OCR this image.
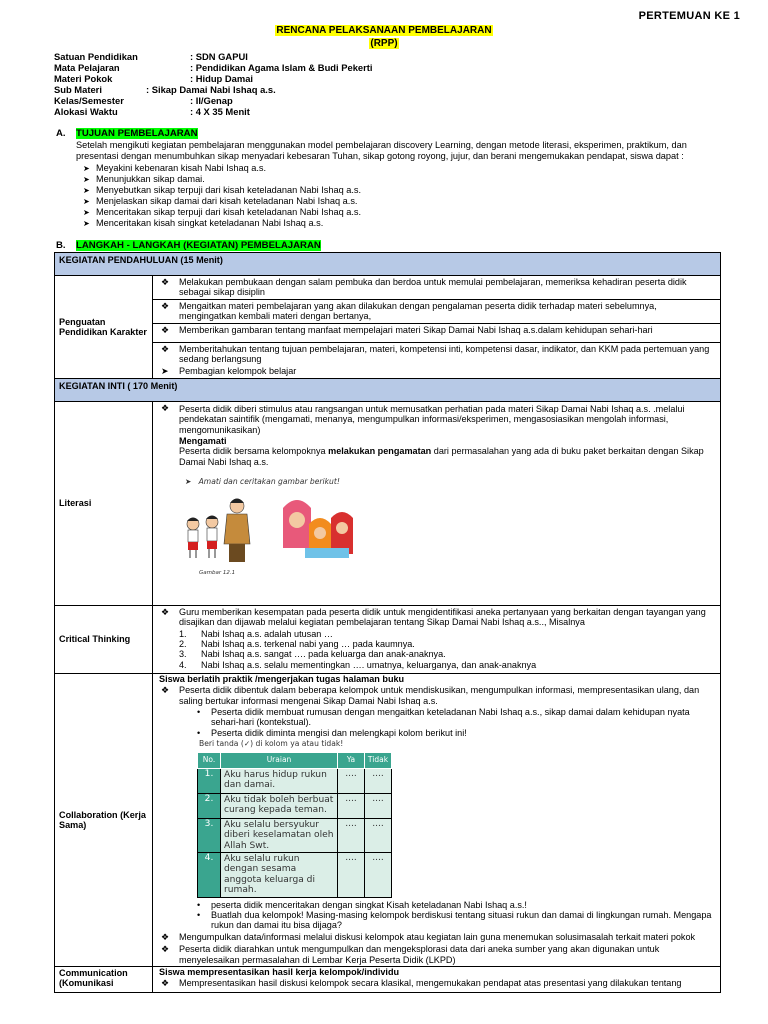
PERTEMUAN KE 1
RENCANA PELAKSANAAN PEMBELAJARAN
(RPP)
Satuan Pendidikan	: SDN GAPUI
Mata Pelajaran	: Pendidikan Agama Islam & Budi Pekerti
Materi Pokok	: Hidup Damai
Sub Materi	: Sikap Damai Nabi Ishaq a.s.
Kelas/Semester	: II/Genap
Alokasi Waktu	: 4 X 35 Menit
A. TUJUAN PEMBELAJARAN
Setelah mengikuti kegiatan pembelajaran menggunakan model pembelajaran discovery Learning, dengan metode literasi, eksperimen, praktikum, dan presentasi dengan menumbuhkan sikap menyadari kebesaran Tuhan, sikap gotong royong, jujur, dan berani mengemukakan pendapat, siswa dapat :
➤ Meyakini kebenaran kisah Nabi Ishaq a.s.
➤ Menunjukkan sikap damai.
➤ Menyebutkan sikap terpuji dari kisah keteladanan Nabi Ishaq a.s.
➤ Menjelaskan sikap damai dari kisah keteladanan Nabi Ishaq a.s.
➤ Menceritakan sikap terpuji dari kisah keteladanan Nabi Ishaq a.s.
➤ Menceritakan kisah singkat keteladanan Nabi Ishaq a.s.
B. LANGKAH - LANGKAH (KEGIATAN) PEMBELAJARAN
KEGIATAN PENDAHULUAN (15 Menit)
Penguatan Pendidikan Karakter	
❖ Melakukan pembukaan dengan salam pembuka dan berdoa untuk memulai pembelajaran, memeriksa kehadiran peserta didik sebagai sikap disiplin
❖ Mengaitkan materi pembelajaran yang akan dilakukan dengan pengalaman peserta didik terhadap materi sebelumnya, mengingatkan kembali materi dengan bertanya,
❖ Memberikan gambaran tentang manfaat mempelajari materi Sikap Damai Nabi Ishaq a.s.dalam kehidupan sehari-hari
❖ Memberitahukan tentang tujuan pembelajaran, materi, kompetensi inti, kompetensi dasar, indikator, dan KKM pada pertemuan yang sedang berlangsung
➤ Pembagian kelompok belajar

KEGIATAN INTI ( 170 Menit)
Literasi	
❖ Peserta didik diberi stimulus atau rangsangan untuk memusatkan perhatian pada materi Sikap Damai Nabi Ishaq a.s. .melalui pendekatan saintifik (mengamati, menanya, mengumpulkan informasi/eksperimen, mengasosiasikan mengolah informasi, mengomunikasikan)
Mengamati
Peserta didik bersama kelompoknya melakukan pengamatan dari permasalahan yang ada di buku paket berkaitan dengan Sikap Damai Nabi Ishaq a.s.
➤   Amati dan ceritakan gambar berikut!
Gambar 12.1

Critical Thinking	
❖ Guru memberikan kesempatan pada peserta didik untuk mengidentifikasi aneka pertanyaan yang berkaitan dengan tayangan yang disajikan dan dijawab melalui kegiatan pembelajaran tentang Sikap Damai Nabi Ishaq a.s.., Misalnya
1. Nabi Ishaq a.s. adalah utusan …
2. Nabi Ishaq a.s. terkenal nabi yang … pada kaumnya.
3. Nabi Ishaq a.s. sangat …. pada keluarga dan anak-anaknya.
4. Nabi Ishaq a.s. selalu mementingkan …. umatnya, keluarganya, dan anak-anaknya

Collaboration (Kerja Sama)	
Siswa berlatih praktik /mengerjakan tugas halaman buku
❖ Peserta didik dibentuk dalam beberapa kelompok untuk mendiskusikan, mengumpulkan informasi, mempresentasikan ulang, dan saling bertukar informasi mengenai Sikap Damai Nabi Ishaq a.s.
• Peserta didik membuat rumusan dengan mengaitkan keteladanan Nabi Ishaq a.s., sikap damai dalam kehidupan nyata sehari-hari (kontekstual).
• Peserta didik diminta mengisi dan melengkapi kolom berikut ini!
Beri tanda (✓) di kolom ya atau tidak!
No.	Uraian	Ya	Tidak
1.	Aku harus hidup rukun dan damai.	....	....
2.	Aku tidak boleh berbuat curang kepada teman.	....	....
3.	Aku selalu bersyukur diberi keselamatan oleh Allah Swt.	....	....
4.	Aku selalu rukun dengan sesama anggota keluarga di rumah.	....	....
• peserta didik menceritakan dengan singkat Kisah keteladanan Nabi Ishaq a.s.!
• Buatlah dua kelompok! Masing-masing kelompok berdiskusi tentang situasi rukun dan damai di lingkungan rumah. Mengapa rukun dan damai itu bisa dijaga?
❖ Mengumpulkan data/informasi melalui diskusi kelompok atau kegiatan lain guna menemukan solusimasalah terkait materi pokok
❖ Peserta didik diarahkan untuk mengumpulkan dan mengeksplorasi data dari aneka sumber yang akan digunakan untuk menyelesaikan permasalahan di Lembar Kerja Peserta Didik (LKPD)

Communication (Komunikasi	
Siswa mempresentasikan hasil kerja kelompok/individu
❖ Mempresentasikan hasil diskusi kelompok secara klasikal, mengemukakan pendapat atas presentasi yang dilakukan tentang
